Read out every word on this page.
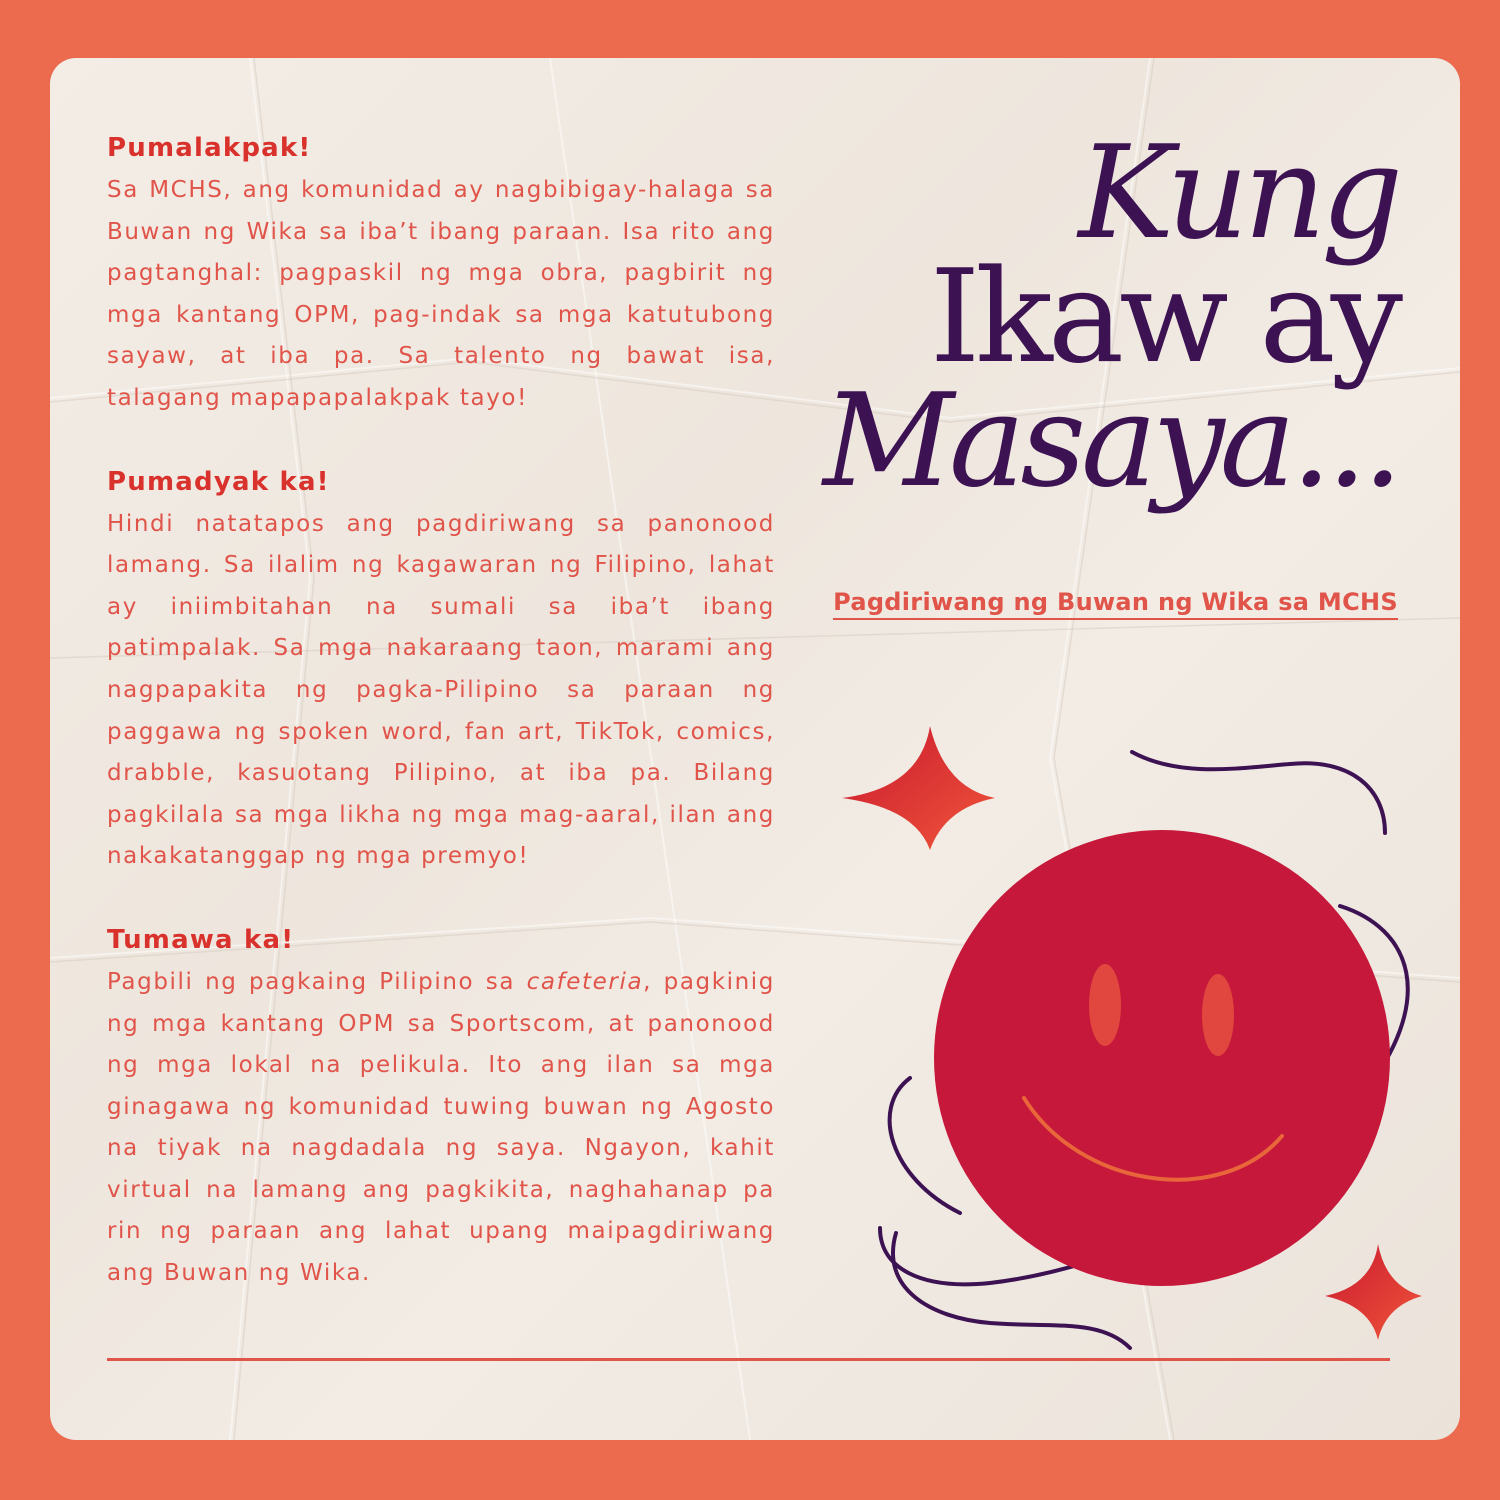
Pumalakpak!

Sa MCHS, ang komunidad ay nagbibigay-halaga sa Buwan ng Wika sa iba’t ibang paraan. Isa rito ang pagtanghal: pagpaskil ng mga obra, pagbirit ng mga kantang OPM, pag-indak sa mga katutubong sayaw, at iba pa. Sa talento ng bawat isa, talagang mapapapalakpak tayo!

Pumadyak ka!

Hindi natatapos ang pagdiriwang sa panonood lamang. Sa ilalim ng kagawaran ng Filipino, lahat ay iniimbitahan na sumali sa iba’t ibang patimpalak. Sa mga nakaraang taon, marami ang nagpapakita ng pagka-Pilipino sa paraan ng paggawa ng spoken word, fan art, TikTok, comics, drabble, kasuotang Pilipino, at iba pa. Bilang pagkilala sa mga likha ng mga mag-aaral, ilan ang nakakatanggap ng mga premyo!

Tumawa ka!

Pagbili ng pagkaing Pilipino sa cafeteria, pagkinig ng mga kantang OPM sa Sportscom, at panonood ng mga lokal na pelikula. Ito ang ilan sa mga ginagawa ng komunidad tuwing buwan ng Agosto na tiyak na nagdadala ng saya. Ngayon, kahit virtual na lamang ang pagkikita, naghahanap pa rin ng paraan ang lahat upang maipagdiriwang ang Buwan ng Wika.

Kung
Ikaw ay
Masaya...
Pagdiriwang ng Buwan ng Wika sa MCHS
